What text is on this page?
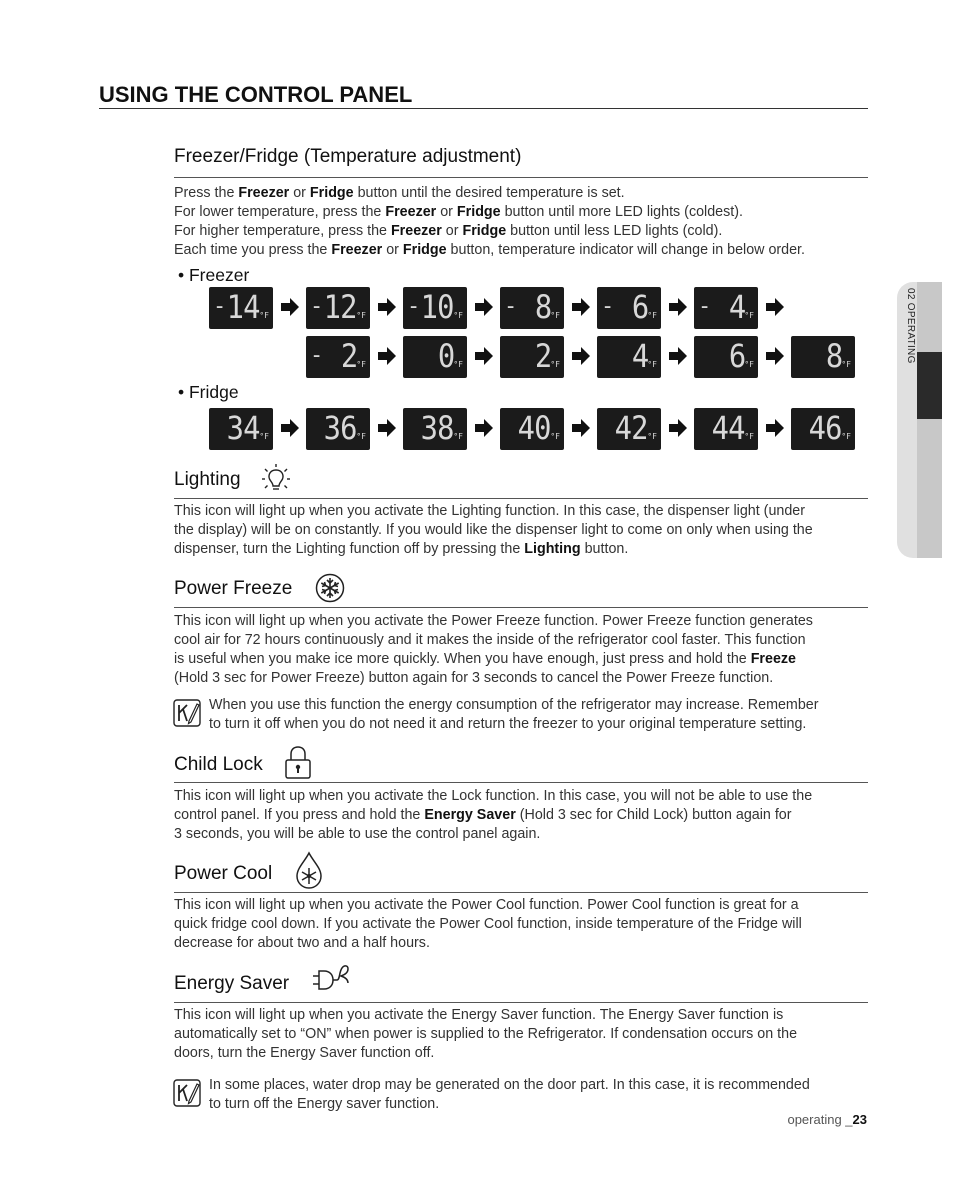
USING THE CONTROL PANEL
02 OPERATING
Freezer/Fridge (Temperature adjustment)
Press the Freezer or Fridge button until the desired temperature is set.
For lower temperature, press the Freezer or Fridge button until more LED lights (coldest).
For higher temperature, press the Freezer or Fridge button until less LED lights (cold).
Each time you press the Freezer or Fridge button, temperature indicator will change in below order.
• Freezer
• Fridge
- 14 °F - 12 °F - 10 °F - 8 °F - 6 °F - 4 °F
- 2 °F 0 °F 2 °F 4 °F 6 °F 8 °F
34 °F 36 °F 38 °F 40 °F 42 °F 44 °F 46 °F
Lighting
This icon will light up when you activate the Lighting function. In this case, the dispenser light (under
the display) will be on constantly. If you would like the dispenser light to come on only when using the
dispenser, turn the Lighting function off by pressing the Lighting button.
Power Freeze
This icon will light up when you activate the Power Freeze function. Power Freeze function generates
cool air for 72 hours continuously and it makes the inside of the refrigerator cool faster. This function
is useful when you make ice more quickly. When you have enough, just press and hold the Freeze
(Hold 3 sec for Power Freeze) button again for 3 seconds to cancel the Power Freeze function.
When you use this function the energy consumption of the refrigerator may increase. Remember
to turn it off when you do not need it and return the freezer to your original temperature setting.
Child Lock
This icon will light up when you activate the Lock function. In this case, you will not be able to use the
control panel. If you press and hold the Energy Saver (Hold 3 sec for Child Lock) button again for
3 seconds, you will be able to use the control panel again.
Power Cool
This icon will light up when you activate the Power Cool function. Power Cool function is great for a
quick fridge cool down. If you activate the Power Cool function, inside temperature of the Fridge will
decrease for about two and a half hours.
Energy Saver
This icon will light up when you activate the Energy Saver function. The Energy Saver function is
automatically set to “ON” when power is supplied to the Refrigerator. If condensation occurs on the
doors, turn the Energy Saver function off.
In some places, water drop may be generated on the door part. In this case, it is recommended
to turn off the Energy saver function.
operating _23
